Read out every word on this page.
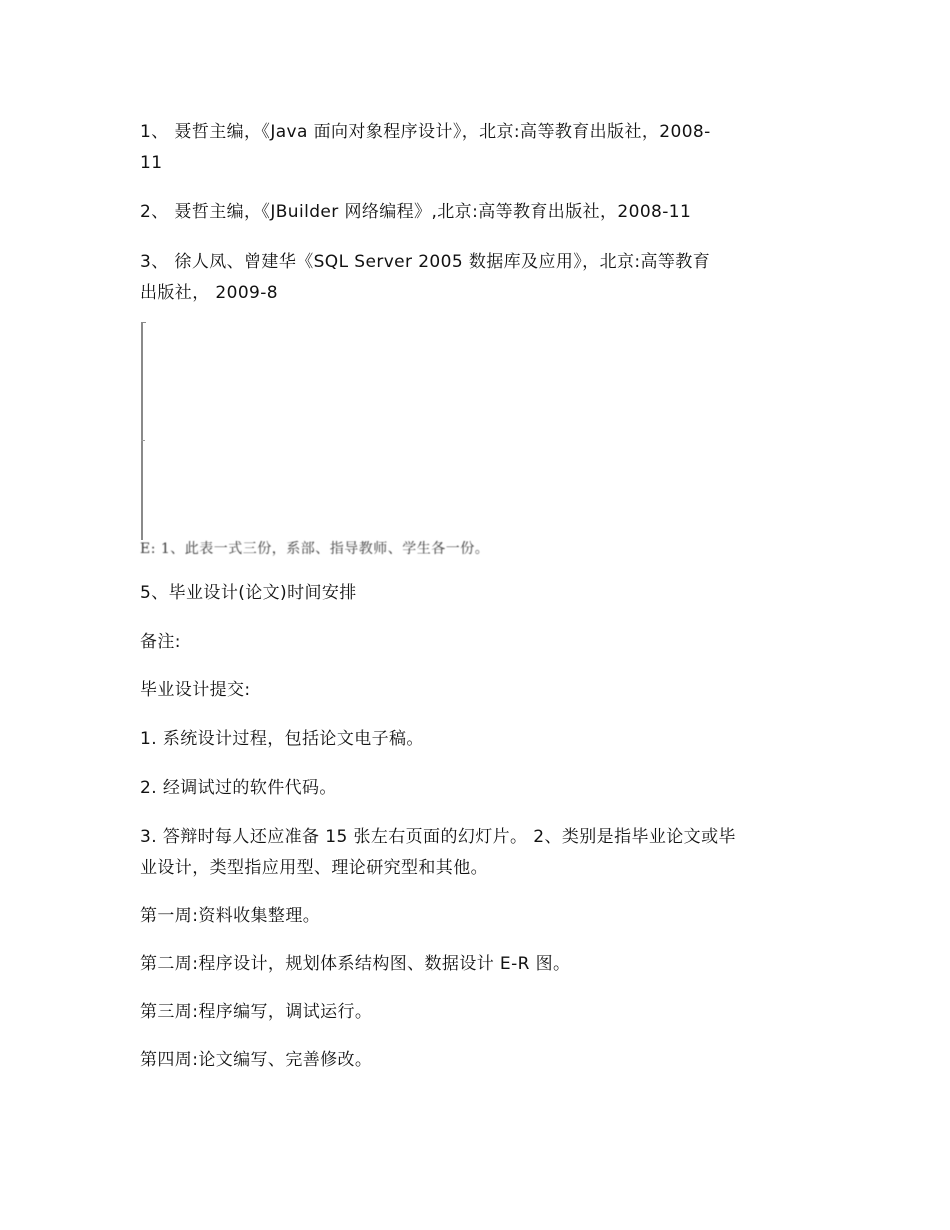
1、 聂哲主编，《Java 面向对象程序设计》，北京:高等教育出版社，2008-
11
2、 聂哲主编，《JBuilder 网络编程》,北京:高等教育出版社，2008-11
3、 徐人凤、曾建华《SQL Server 2005 数据库及应用》，北京:高等教育
出版社， 2009-8
E: 1、此表一式三份，系部、指导教师、学生各一份。
5、毕业设计(论文)时间安排
备注:
毕业设计提交:
1. 系统设计过程，包括论文电子稿。
2. 经调试过的软件代码。
3. 答辩时每人还应准备 15 张左右页面的幻灯片。 2、类别是指毕业论文或毕
业设计，类型指应用型、理论研究型和其他。
第一周:资料收集整理。
第二周:程序设计，规划体系结构图、数据设计 E-R 图。
第三周:程序编写，调试运行。
第四周:论文编写、完善修改。
